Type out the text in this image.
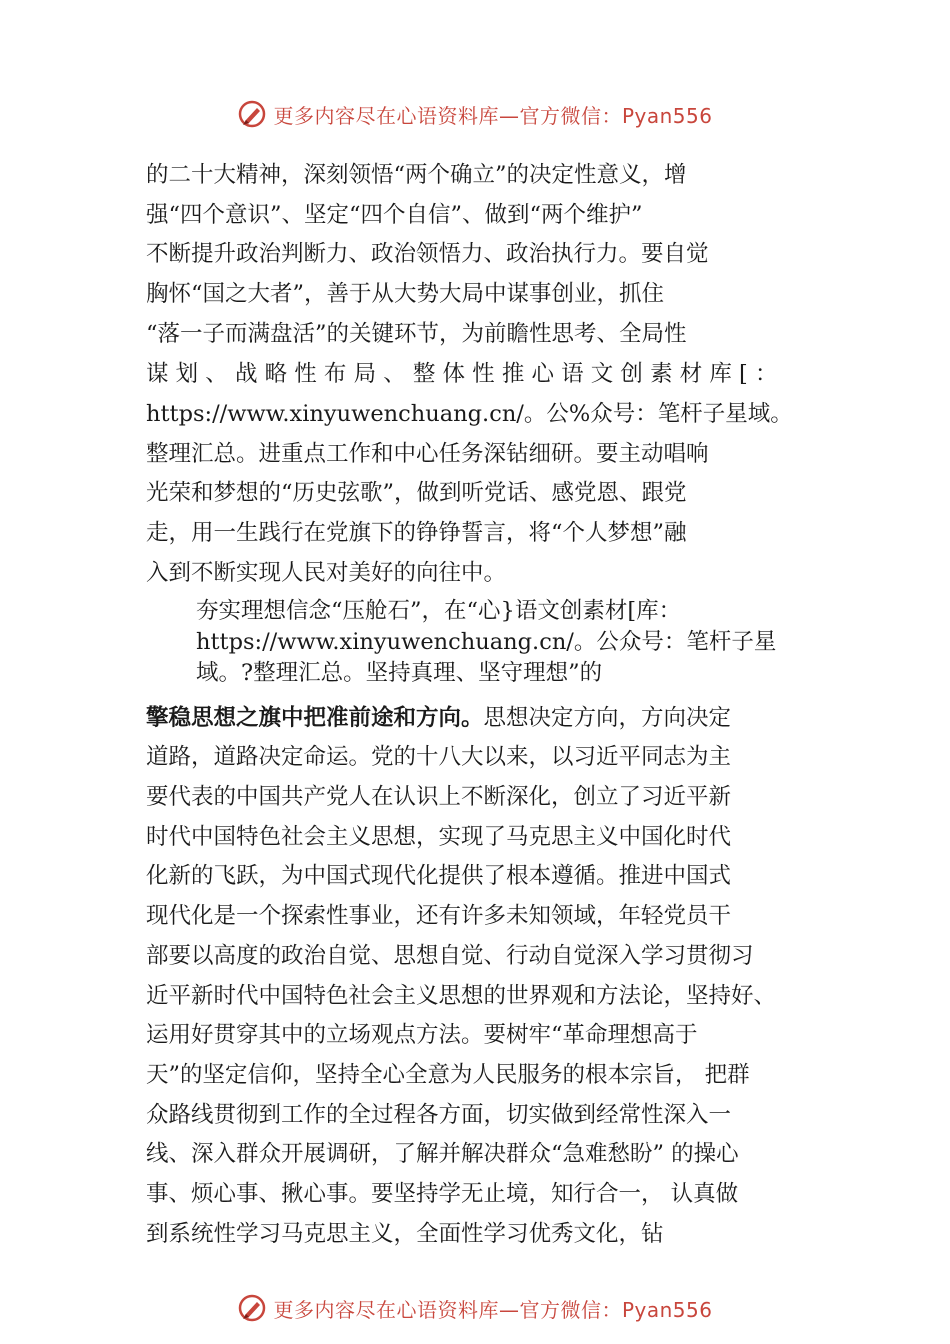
更多内容尽在心语资料库—官方微信：Pyan556
的二十大精神，深刻领悟“两个确立”的决定性意义，增
强“四个意识”、坚定“四个自信”、做到“两个维护”
不断提升政治判断力、政治领悟力、政治执行力。要自觉
胸怀“国之大者”，善于从大势大局中谋事创业，抓住
“落一子而满盘活”的关键环节，为前瞻性思考、全局性
谋 划 、 战 略 性 布 局 、 整 体 性 推 心 语 文 创 素 材 库 [ ：
https://www.xinyuwenchuang.cn/。公%众号：笔杆子星域。
整理汇总。进重点工作和中心任务深钻细研。要主动唱响
光荣和梦想的“历史弦歌”，做到听党话、感党恩、跟党
走，用一生践行在党旗下的铮铮誓言，将“个人梦想”融
入到不断实现人民对美好的向往中。
夯实理想信念“压舱石”，在“心}语文创素材[库：
https://www.xinyuwenchuang.cn/。公众号：笔杆子星
域。?整理汇总。坚持真理、坚守理想”的
擎稳思想之旗中把准前途和方向。思想决定方向，方向决定
道路，道路决定命运。党的十八大以来，以习近平同志为主
要代表的中国共产党人在认识上不断深化，创立了习近平新
时代中国特色社会主义思想，实现了马克思主义中国化时代
化新的飞跃，为中国式现代化提供了根本遵循。推进中国式
现代化是一个探索性事业，还有许多未知领域，年轻党员干
部要以高度的政治自觉、思想自觉、行动自觉深入学习贯彻习
近平新时代中国特色社会主义思想的世界观和方法论，坚持好、
运用好贯穿其中的立场观点方法。要树牢“革命理想高于
天”的坚定信仰，坚持全心全意为人民服务的根本宗旨， 把群
众路线贯彻到工作的全过程各方面，切实做到经常性深入一
线、深入群众开展调研，了解并解决群众“急难愁盼” 的操心
事、烦心事、揪心事。要坚持学无止境，知行合一， 认真做
到系统性学习马克思主义，全面性学习优秀文化，钻
更多内容尽在心语资料库—官方微信：Pyan556
